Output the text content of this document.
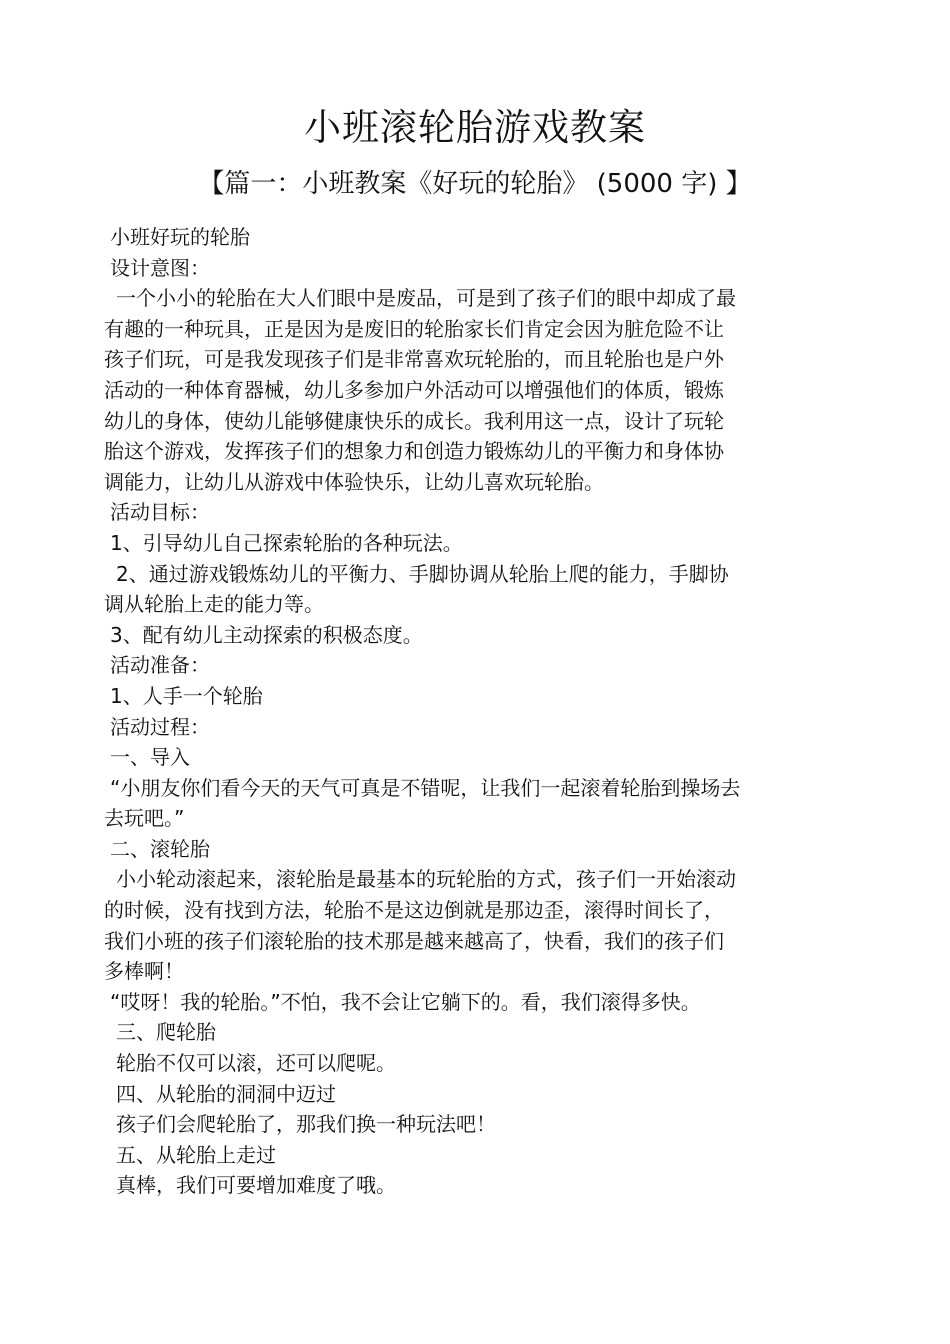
小班滚轮胎游戏教案
【篇一：小班教案《好玩的轮胎》 (5000 字) 】
小班好玩的轮胎
设计意图：
一个小小的轮胎在大人们眼中是废品，可是到了孩子们的眼中却成了最
有趣的一种玩具，正是因为是废旧的轮胎家长们肯定会因为脏危险不让
孩子们玩，可是我发现孩子们是非常喜欢玩轮胎的，而且轮胎也是户外
活动的一种体育器械，幼儿多参加户外活动可以增强他们的体质，锻炼
幼儿的身体，使幼儿能够健康快乐的成长。我利用这一点，设计了玩轮
胎这个游戏，发挥孩子们的想象力和创造力锻炼幼儿的平衡力和身体协
调能力，让幼儿从游戏中体验快乐，让幼儿喜欢玩轮胎。
活动目标：
1、引导幼儿自己探索轮胎的各种玩法。
2、通过游戏锻炼幼儿的平衡力、手脚协调从轮胎上爬的能力，手脚协
调从轮胎上走的能力等。
3、配有幼儿主动探索的积极态度。
活动准备：
1、人手一个轮胎
活动过程：
一、导入
“小朋友你们看今天的天气可真是不错呢，让我们一起滚着轮胎到操场去
去玩吧。”
二、滚轮胎
小小轮动滚起来，滚轮胎是最基本的玩轮胎的方式，孩子们一开始滚动
的时候，没有找到方法，轮胎不是这边倒就是那边歪，滚得时间长了，
我们小班的孩子们滚轮胎的技术那是越来越高了，快看，我们的孩子们
多棒啊！
“哎呀！我的轮胎。”不怕，我不会让它躺下的。看，我们滚得多快。
三、爬轮胎
轮胎不仅可以滚，还可以爬呢。
四、从轮胎的洞洞中迈过
孩子们会爬轮胎了，那我们换一种玩法吧！
五、从轮胎上走过
真棒，我们可要增加难度了哦。
